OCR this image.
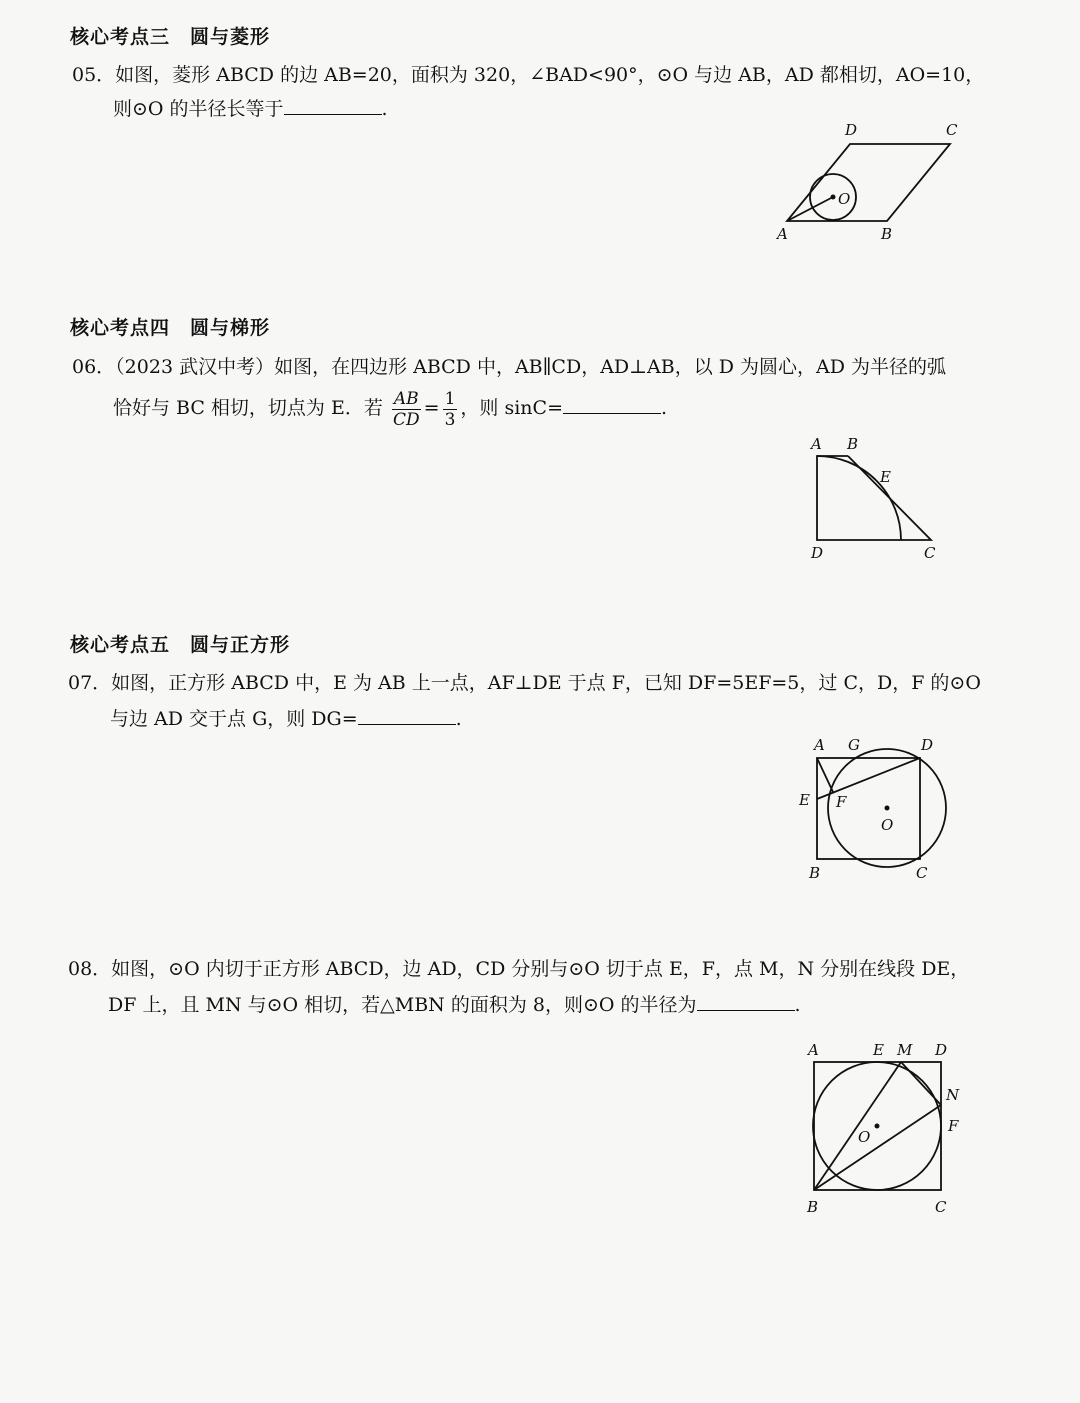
核心考点三　圆与菱形
05．如图，菱形 ABCD 的边 AB=20，面积为 320，∠BAD<90°，⊙O 与边 AB，AD 都相切，AO=10，
则⊙O 的半径长等于	.
D	C
O
A	B
核心考点四　圆与梯形
06．（2023 武汉中考）如图，在四边形 ABCD 中，AB∥CD，AD⊥AB，以 D 为圆心，AD 为半径的弧
恰好与 BC 相切，切点为 E．若 $\frac{AB}{CD} = \frac{1}{3}$ ，则 sinC=	.
A B
E
D	C
核心考点五　圆与正方形
07．如图，正方形 ABCD 中，E 为 AB 上一点，AF⊥DE 于点 F，已知 DF=5EF=5，过 C，D，F 的⊙O
与边 AD 交于点 G，则 DG=	.
A G	D
E F
O
B	C
08．如图，⊙O 内切于正方形 ABCD，边 AD，CD 分别与⊙O 切于点 E，F，点 M，N 分别在线段 DE，
DF 上，且 MN 与⊙O 相切，若△MBN 的面积为 8，则⊙O 的半径为	.
A	E M D
N
F
O
B	C
